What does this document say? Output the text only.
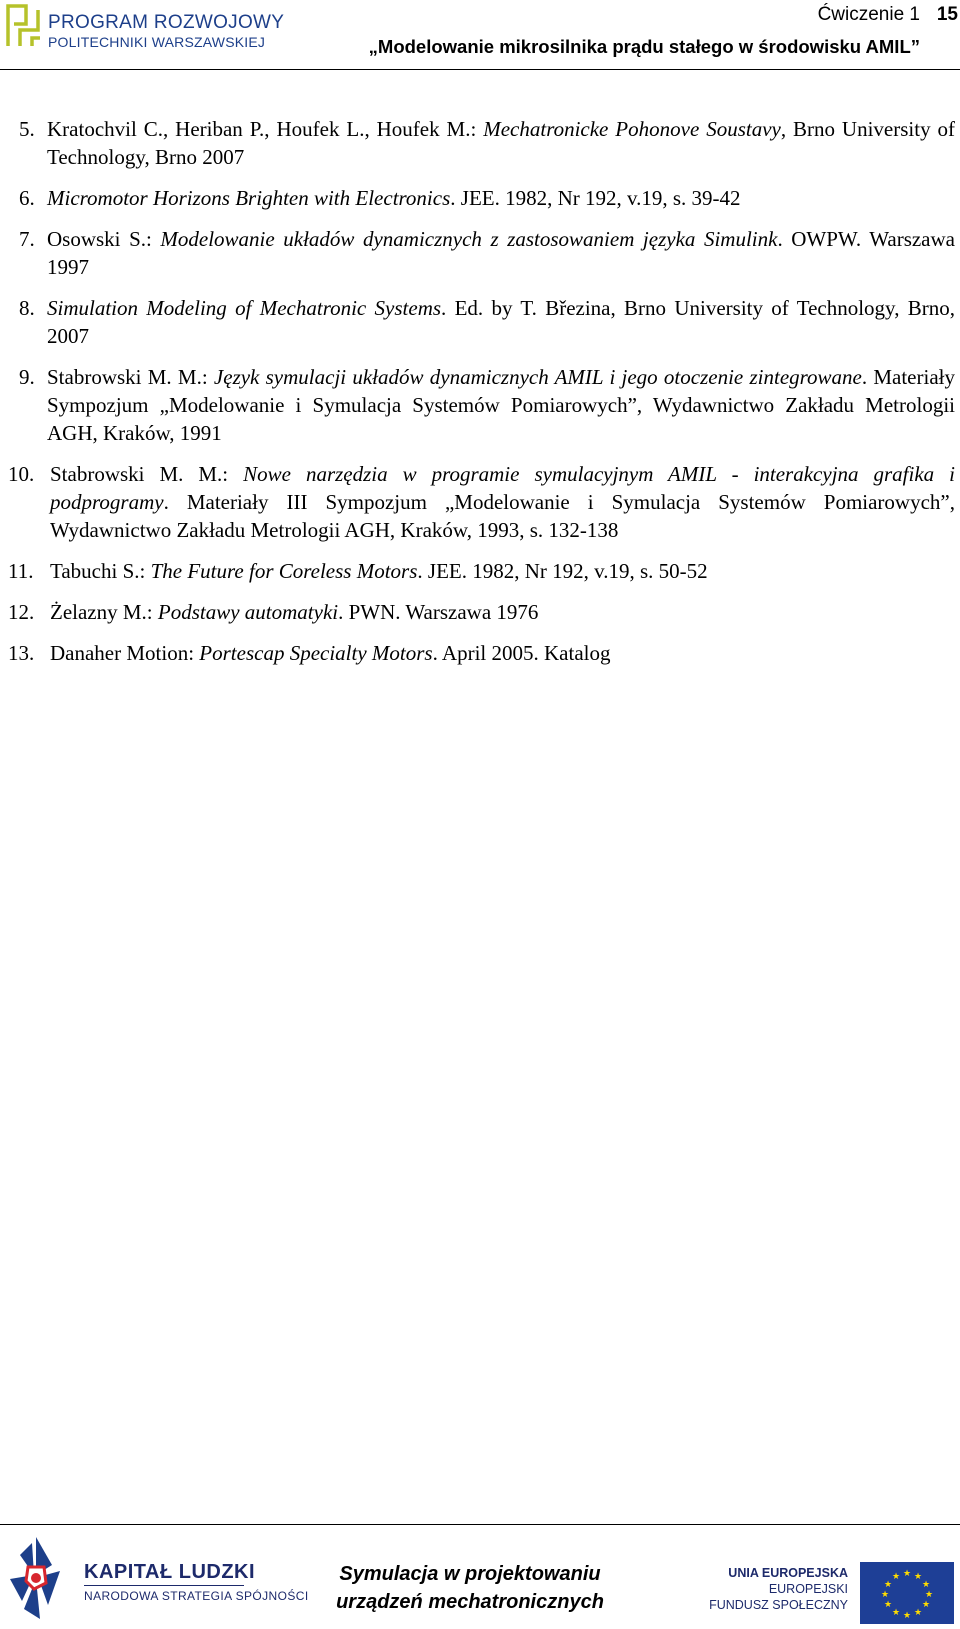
PROGRAM ROZWOJOWY
POLITECHNIKI WARSZAWSKIEJ
Ćwiczenie 1 15
„Modelowanie mikrosilnika prądu stałego w środowisku AMIL”
5. Kratochvil C., Heriban P., Houfek L., Houfek M.: Mechatronicke Pohonove Soustavy, Brno University of Technology, Brno 2007
6. Micromotor Horizons Brighten with Electronics. JEE. 1982, Nr 192, v.19, s. 39-42
7. Osowski S.: Modelowanie układów dynamicznych z zastosowaniem języka Simulink. OWPW. Warszawa 1997
8. Simulation Modeling of Mechatronic Systems. Ed. by T. Březina, Brno University of Technology, Brno, 2007
9. Stabrowski M. M.: Język symulacji układów dynamicznych AMIL i jego otoczenie zintegrowane. Materiały Sympozjum „Modelowanie i Symulacja Systemów Pomiarowych”, Wydawnictwo Zakładu Metrologii AGH, Kraków, 1991
10. Stabrowski M. M.: Nowe narzędzia w programie symulacyjnym AMIL - interakcyjna grafika i podprogramy. Materiały III Sympozjum „Modelowanie i Symulacja Systemów Pomiarowych”, Wydawnictwo Zakładu Metrologii AGH, Kraków, 1993, s. 132-138
11. Tabuchi S.: The Future for Coreless Motors. JEE. 1982, Nr 192, v.19, s. 50-52
12. Żelazny M.: Podstawy automatyki. PWN. Warszawa 1976
13. Danaher Motion: Portescap Specialty Motors. April 2005. Katalog
KAPITAŁ LUDZKI
NARODOWA STRATEGIA SPÓJNOŚCI
Symulacja w projektowaniu
urządzeń mechatronicznych
UNIA EUROPEJSKA
EUROPEJSKI
FUNDUSZ SPOŁECZNY
★ ★
★
★
★
★
★
★
★
★
★
★
